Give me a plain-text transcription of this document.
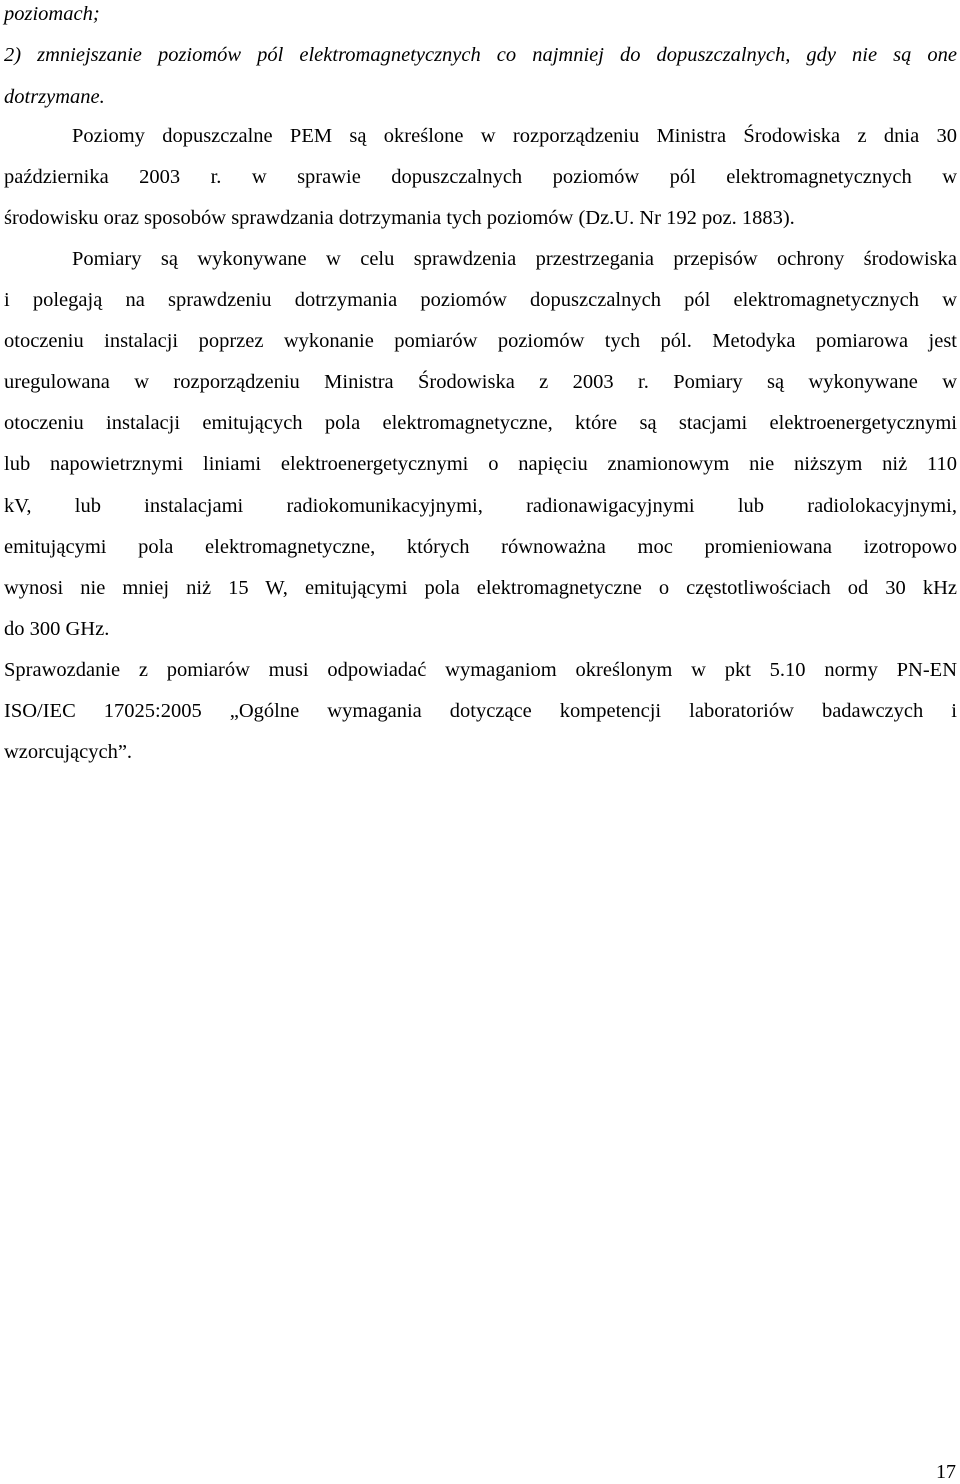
poziomach;
2) zmniejszanie poziomów pól elektromagnetycznych co najmniej do dopuszczalnych, gdy nie są one
dotrzymane.
Poziomy dopuszczalne PEM są określone w rozporządzeniu Ministra Środowiska z dnia 30
października 2003 r. w sprawie dopuszczalnych poziomów pól elektromagnetycznych w
środowisku oraz sposobów sprawdzania dotrzymania tych poziomów (Dz.U. Nr 192 poz. 1883).
Pomiary są wykonywane w celu sprawdzenia przestrzegania przepisów ochrony środowiska
i polegają na sprawdzeniu dotrzymania poziomów dopuszczalnych pól elektromagnetycznych w
otoczeniu instalacji poprzez wykonanie pomiarów poziomów tych pól. Metodyka pomiarowa jest
uregulowana w rozporządzeniu Ministra Środowiska z 2003 r. Pomiary są wykonywane w
otoczeniu instalacji emitujących pola elektromagnetyczne, które są stacjami elektroenergetycznymi
lub napowietrznymi liniami elektroenergetycznymi o napięciu znamionowym nie niższym niż 110
kV, lub instalacjami radiokomunikacyjnymi, radionawigacyjnymi lub radiolokacyjnymi,
emitującymi pola elektromagnetyczne, których równoważna moc promieniowana izotropowo
wynosi nie mniej niż 15 W, emitującymi pola elektromagnetyczne o częstotliwościach od 30 kHz
do 300 GHz.
Sprawozdanie z pomiarów musi odpowiadać wymaganiom określonym w pkt 5.10 normy PN-EN
ISO/IEC 17025:2005 „Ogólne wymagania dotyczące kompetencji laboratoriów badawczych i
wzorcujących”.
17
